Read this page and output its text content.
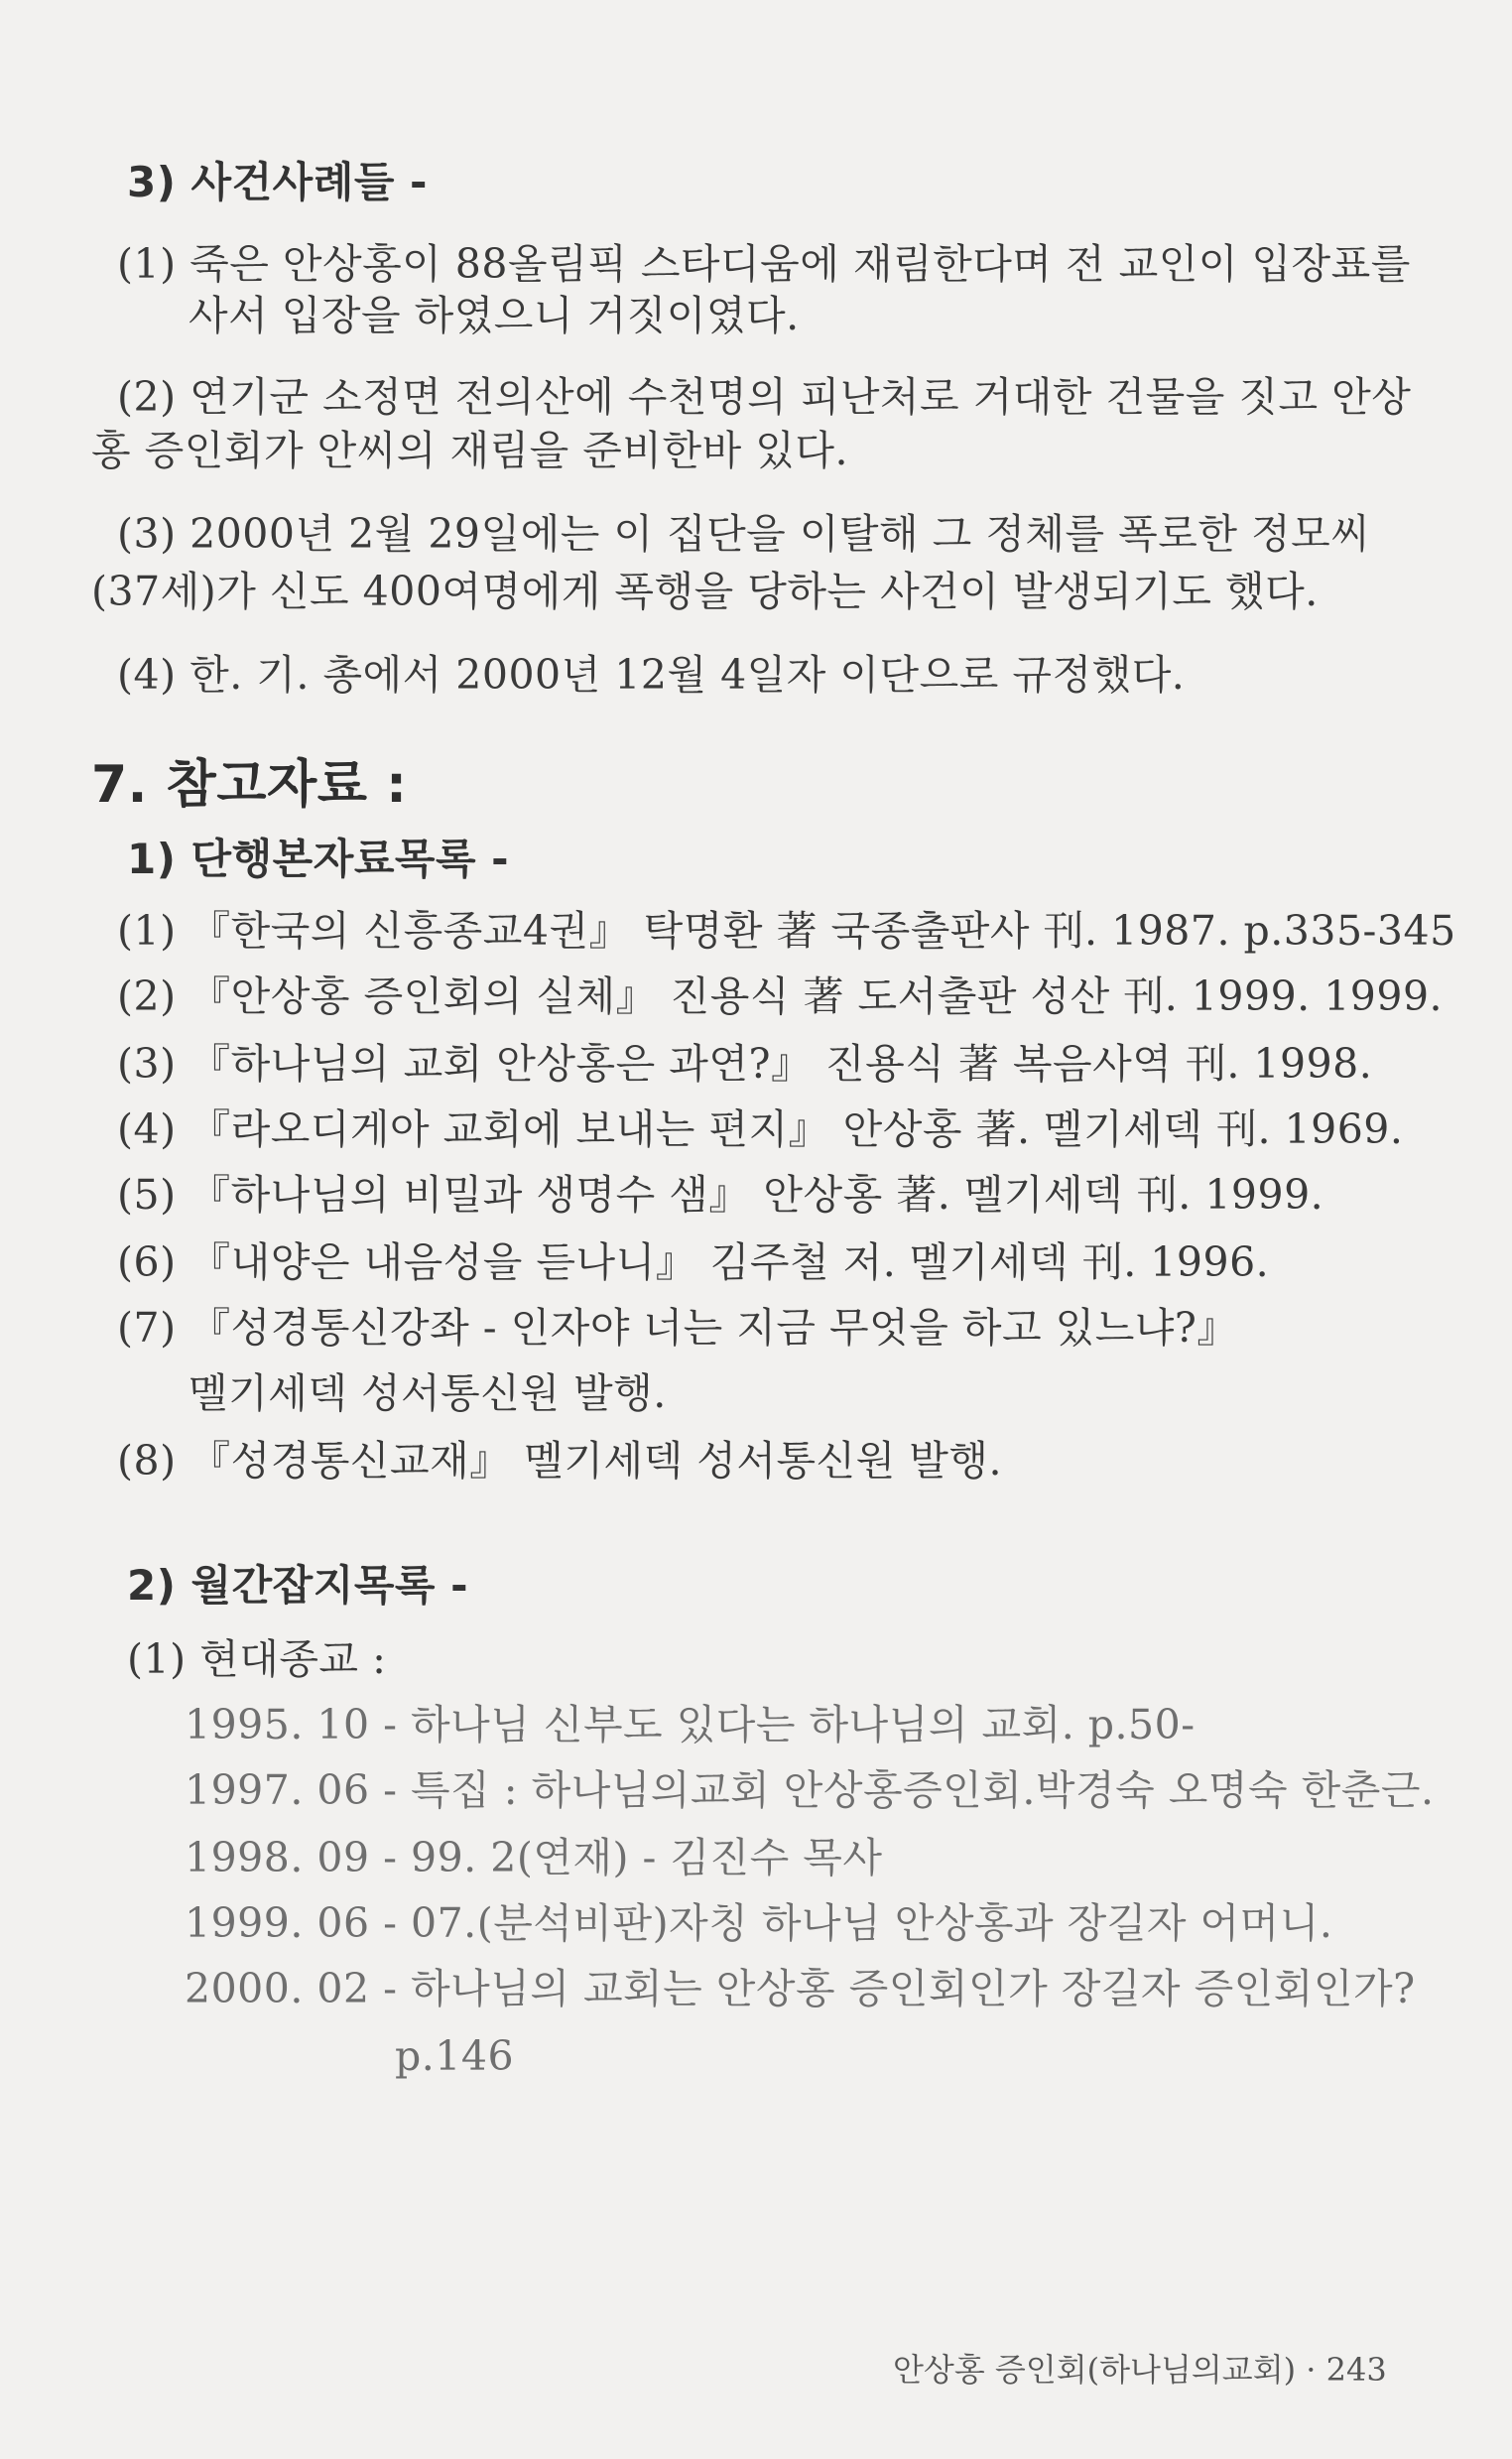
3) 사건사례들 -
(1) 죽은 안상홍이 88올림픽 스타디움에 재림한다며 전 교인이 입장표를
사서 입장을 하였으니 거짓이였다.
(2) 연기군 소정면 전의산에 수천명의 피난처로 거대한 건물을 짓고 안상
홍 증인회가 안씨의 재림을 준비한바 있다.
(3) 2000년 2월 29일에는 이 집단을 이탈해 그 정체를 폭로한 정모씨
(37세)가 신도 400여명에게 폭행을 당하는 사건이 발생되기도 했다.
(4) 한. 기. 총에서 2000년 12월 4일자 이단으로 규정했다.
7. 참고자료 :
1) 단행본자료목록 -
(1) 『한국의 신흥종교4권』 탁명환 著 국종출판사 刊. 1987. p.335-345
(2) 『안상홍 증인회의 실체』 진용식 著 도서출판 성산 刊. 1999. 1999.
(3) 『하나님의 교회 안상홍은 과연?』 진용식 著 복음사역 刊. 1998.
(4) 『라오디게아 교회에 보내는 편지』 안상홍 著. 멜기세덱 刊. 1969.
(5) 『하나님의 비밀과 생명수 샘』 안상홍 著. 멜기세덱 刊. 1999.
(6) 『내양은 내음성을 듣나니』 김주철 저. 멜기세덱 刊. 1996.
(7) 『성경통신강좌 - 인자야 너는 지금 무엇을 하고 있느냐?』
멜기세덱 성서통신원 발행.
(8) 『성경통신교재』 멜기세덱 성서통신원 발행.
2) 월간잡지목록 -
(1) 현대종교 :
1995. 10 - 하나님 신부도 있다는 하나님의 교회. p.50-
1997. 06 - 특집 : 하나님의교회 안상홍증인회.박경숙 오명숙 한춘근.
1998. 09 - 99. 2(연재) - 김진수 목사
1999. 06 - 07.(분석비판)자칭 하나님 안상홍과 장길자 어머니.
2000. 02 - 하나님의 교회는 안상홍 증인회인가 장길자 증인회인가?
p.146
안상홍 증인회(하나님의교회) · 243
